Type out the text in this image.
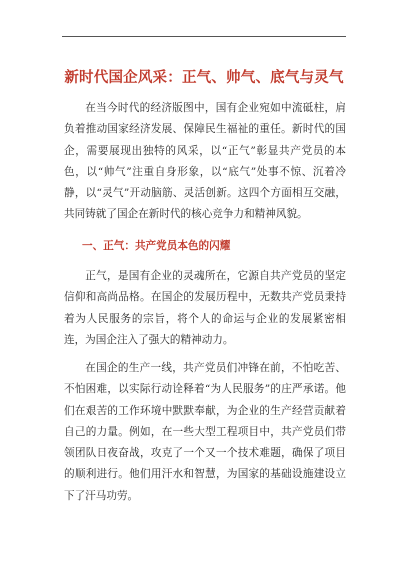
新时代国企风采：正气、帅气、底气与灵气

在当今时代的经济版图中，国有企业宛如中流砥柱，肩负着推动国家经济发展、保障民生福祉的重任。新时代的国企，需要展现出独特的风采，以“正气”彰显共产党员的本色，以“帅气”注重自身形象，以“底气”处事不惊、沉着冷静，以“灵气”开动脑筋、灵活创新。这四个方面相互交融，共同铸就了国企在新时代的核心竞争力和精神风貌。

一、正气：共产党员本色的闪耀

正气，是国有企业的灵魂所在，它源自共产党员的坚定信仰和高尚品格。在国企的发展历程中，无数共产党员秉持着为人民服务的宗旨，将个人的命运与企业的发展紧密相连，为国企注入了强大的精神动力。

在国企的生产一线，共产党员们冲锋在前，不怕吃苦、不怕困难，以实际行动诠释着“为人民服务”的庄严承诺。他们在艰苦的工作环境中默默奉献，为企业的生产经营贡献着自己的力量。例如，在一些大型工程项目中，共产党员们带领团队日夜奋战，攻克了一个又一个技术难题，确保了项目的顺利进行。他们用汗水和智慧，为国家的基础设施建设立下了汗马功劳。
